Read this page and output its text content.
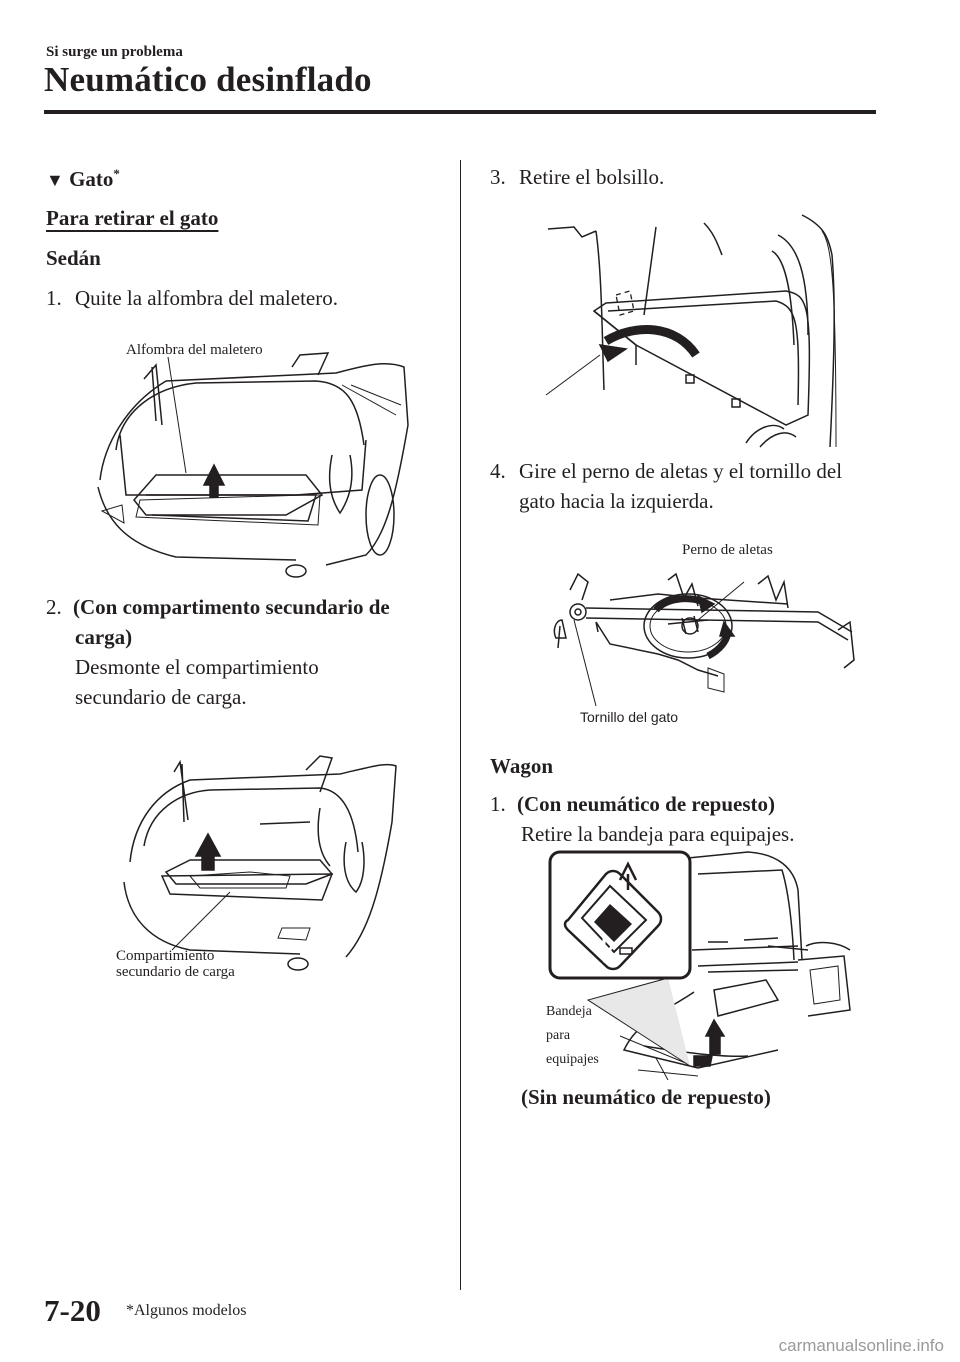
Si surge un problema
Neumático desinflado
▼ Gato*
Para retirar el gato
Sedán
1. Quite la alfombra del maletero.
Alfombra del maletero
2. (Con compartimento secundario de
carga)
Desmonte el compartimiento
secundario de carga.
Compartimiento
secundario de carga
3. Retire el bolsillo.
4. Gire el perno de aletas y el tornillo del
gato hacia la izquierda.
Perno de aletas
Tornillo del gato
Wagon
1. (Con neumático de repuesto)
Retire la bandeja para equipajes.
Bandeja
para
equipajes
(Sin neumático de repuesto)
7-20 *Algunos modelos
carmanualsonline.info
